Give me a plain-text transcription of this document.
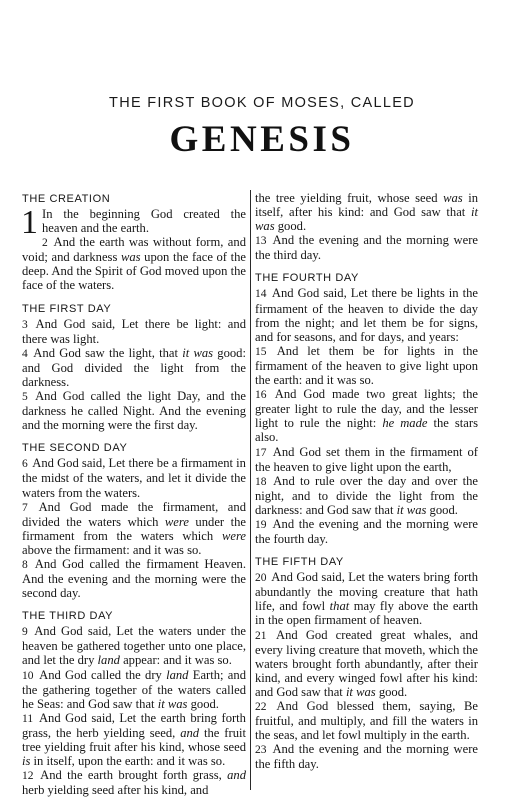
THE FIRST BOOK OF MOSES, CALLED
GENESIS
THE CREATION

1 In the beginning God created the heaven and the earth.

2 And the earth was without form, and void; and darkness was upon the face of the deep. And the Spirit of God moved upon the face of the waters.

THE FIRST DAY

3 And God said, Let there be light: and there was light.

4 And God saw the light, that it was good: and God divided the light from the darkness.

5 And God called the light Day, and the darkness he called Night. And the evening and the morning were the first day.

THE SECOND DAY

6 And God said, Let there be a firmament in the midst of the waters, and let it divide the waters from the waters.

7 And God made the firmament, and divided the waters which were under the firmament from the waters which were above the firmament: and it was so.

8 And God called the firmament Heaven. And the evening and the morning were the second day.

THE THIRD DAY

9 And God said, Let the waters under the heaven be gathered together unto one place, and let the dry land appear: and it was so.

10 And God called the dry land Earth; and the gathering together of the waters called he Seas: and God saw that it was good.

11 And God said, Let the earth bring forth grass, the herb yielding seed, and the fruit tree yielding fruit after his kind, whose seed is in itself, upon the earth: and it was so.

12 And the earth brought forth grass, and herb yielding seed after his kind, and

the tree yielding fruit, whose seed was in itself, after his kind: and God saw that it was good.

13 And the evening and the morning were the third day.

THE FOURTH DAY

14 And God said, Let there be lights in the firmament of the heaven to divide the day from the night; and let them be for signs, and for seasons, and for days, and years:

15 And let them be for lights in the firmament of the heaven to give light upon the earth: and it was so.

16 And God made two great lights; the greater light to rule the day, and the lesser light to rule the night: he made the stars also.

17 And God set them in the firmament of the heaven to give light upon the earth,

18 And to rule over the day and over the night, and to divide the light from the darkness: and God saw that it was good.

19 And the evening and the morning were the fourth day.

THE FIFTH DAY

20 And God said, Let the waters bring forth abundantly the moving creature that hath life, and fowl that may fly above the earth in the open firmament of heaven.

21 And God created great whales, and every living creature that moveth, which the waters brought forth abundantly, after their kind, and every winged fowl after his kind: and God saw that it was good.

22 And God blessed them, saying, Be fruitful, and multiply, and fill the waters in the seas, and let fowl multiply in the earth.

23 And the evening and the morning were the fifth day.
